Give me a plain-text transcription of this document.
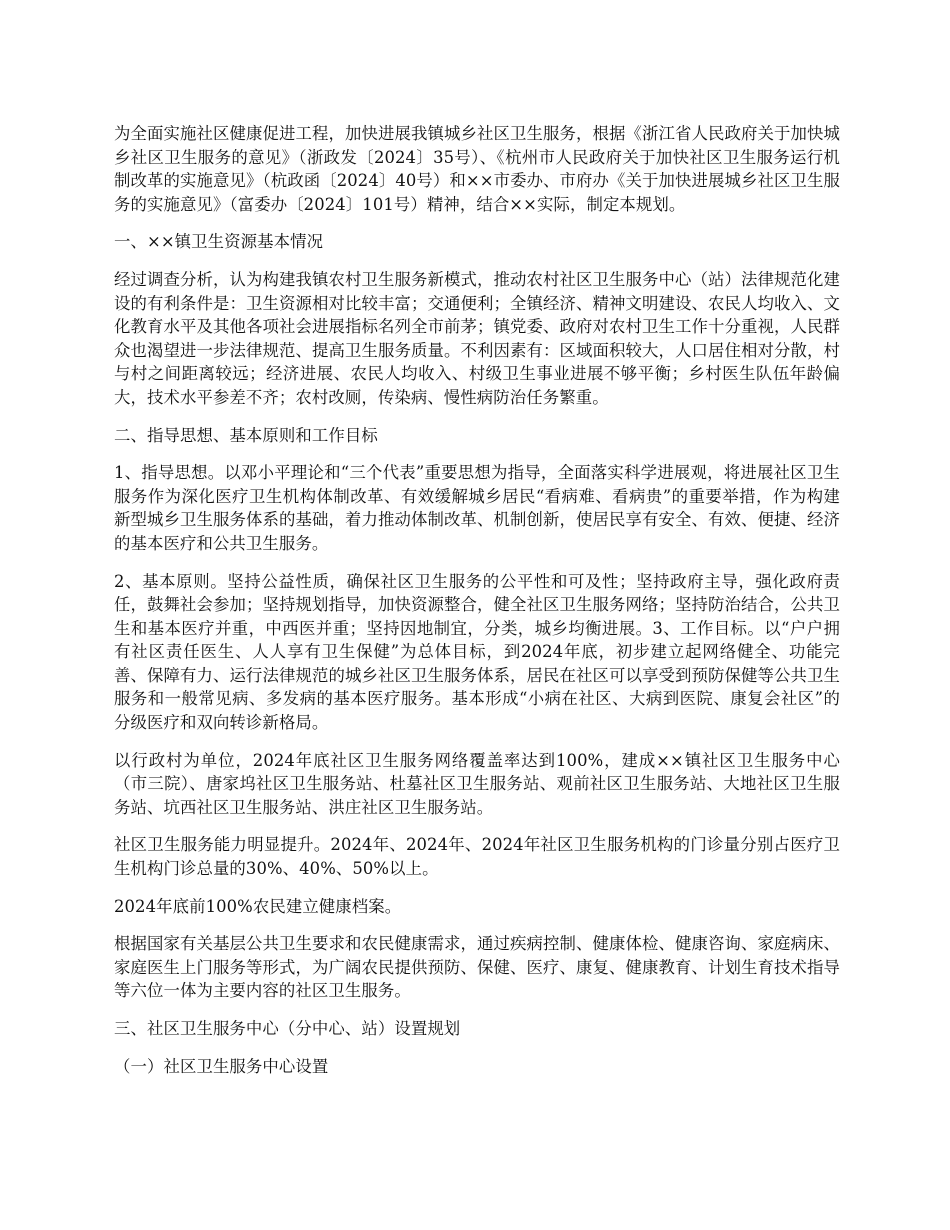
为全面实施社区健康促进工程，加快进展我镇城乡社区卫生服务，根据《浙江省人民政府关于加快城乡社区卫生服务的意见》（浙政发〔2024〕35号）、《杭州市人民政府关于加快社区卫生服务运行机制改革的实施意见》（杭政函〔2024〕40号）和××市委办、市府办《关于加快进展城乡社区卫生服务的实施意见》（富委办〔2024〕101号）精神，结合××实际，制定本规划。

一、××镇卫生资源基本情况

经过调查分析，认为构建我镇农村卫生服务新模式，推动农村社区卫生服务中心（站）法律规范化建设的有利条件是：卫生资源相对比较丰富；交通便利；全镇经济、精神文明建设、农民人均收入、文化教育水平及其他各项社会进展指标名列全市前茅；镇党委、政府对农村卫生工作十分重视，人民群众也渴望进一步法律规范、提高卫生服务质量。不利因素有：区域面积较大，人口居住相对分散，村与村之间距离较远；经济进展、农民人均收入、村级卫生事业进展不够平衡；乡村医生队伍年龄偏大，技术水平参差不齐；农村改厕，传染病、慢性病防治任务繁重。

二、指导思想、基本原则和工作目标

1、指导思想。以邓小平理论和“三个代表”重要思想为指导，全面落实科学进展观，将进展社区卫生服务作为深化医疗卫生机构体制改革、有效缓解城乡居民“看病难、看病贵”的重要举措，作为构建新型城乡卫生服务体系的基础，着力推动体制改革、机制创新，使居民享有安全、有效、便捷、经济的基本医疗和公共卫生服务。

2、基本原则。坚持公益性质，确保社区卫生服务的公平性和可及性；坚持政府主导，强化政府责任，鼓舞社会参加；坚持规划指导，加快资源整合，健全社区卫生服务网络；坚持防治结合，公共卫生和基本医疗并重，中西医并重；坚持因地制宜，分类，城乡均衡进展。3、工作目标。以“户户拥有社区责任医生、人人享有卫生保健”为总体目标，到2024年底，初步建立起网络健全、功能完善、保障有力、运行法律规范的城乡社区卫生服务体系，居民在社区可以享受到预防保健等公共卫生服务和一般常见病、多发病的基本医疗服务。基本形成“小病在社区、大病到医院、康复会社区”的分级医疗和双向转诊新格局。

以行政村为单位，2024年底社区卫生服务网络覆盖率达到100%，建成××镇社区卫生服务中心（市三院）、唐家坞社区卫生服务站、杜墓社区卫生服务站、观前社区卫生服务站、大地社区卫生服务站、坑西社区卫生服务站、洪庄社区卫生服务站。

社区卫生服务能力明显提升。2024年、2024年、2024年社区卫生服务机构的门诊量分别占医疗卫生机构门诊总量的30%、40%、50%以上。

2024年底前100%农民建立健康档案。

根据国家有关基层公共卫生要求和农民健康需求，通过疾病控制、健康体检、健康咨询、家庭病床、家庭医生上门服务等形式，为广阔农民提供预防、保健、医疗、康复、健康教育、计划生育技术指导等六位一体为主要内容的社区卫生服务。

三、社区卫生服务中心（分中心、站）设置规划

（一）社区卫生服务中心设置
